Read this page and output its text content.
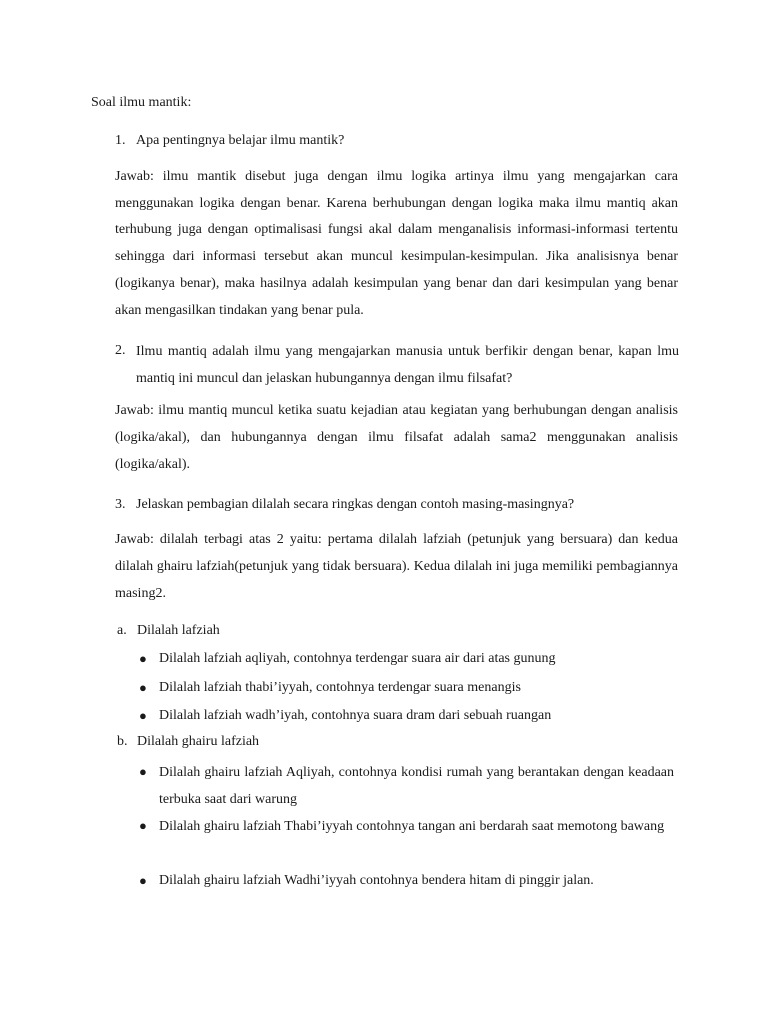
Soal ilmu mantik:
1. Apa pentingnya belajar ilmu mantik?
Jawab: ilmu mantik disebut juga dengan ilmu logika artinya ilmu yang mengajarkan cara menggunakan logika dengan benar. Karena berhubungan dengan logika maka ilmu mantiq akan terhubung juga dengan optimalisasi fungsi akal dalam menganalisis informasi-informasi tertentu sehingga dari informasi tersebut akan muncul kesimpulan-kesimpulan. Jika analisisnya benar (logikanya benar), maka hasilnya adalah kesimpulan yang benar dan dari kesimpulan yang benar akan mengasilkan tindakan yang benar pula.
2. Ilmu mantiq adalah ilmu yang mengajarkan manusia untuk berfikir dengan benar, kapan lmu mantiq ini muncul dan jelaskan hubungannya dengan ilmu filsafat?
Jawab: ilmu mantiq muncul ketika suatu kejadian atau kegiatan yang berhubungan dengan analisis (logika/akal), dan hubungannya dengan ilmu filsafat adalah sama2 menggunakan analisis (logika/akal).
3. Jelaskan pembagian dilalah secara ringkas dengan contoh masing-masingnya?
Jawab: dilalah terbagi atas 2 yaitu: pertama dilalah lafziah (petunjuk yang bersuara) dan kedua dilalah ghairu lafziah(petunjuk yang tidak bersuara). Kedua dilalah ini juga memiliki pembagiannya masing2.
a. Dilalah lafziah
● Dilalah lafziah aqliyah, contohnya terdengar suara air dari atas gunung
● Dilalah lafziah thabi’iyyah, contohnya terdengar suara menangis
● Dilalah lafziah wadh’iyah, contohnya suara dram dari sebuah ruangan
b. Dilalah ghairu lafziah
● Dilalah ghairu lafziah Aqliyah, contohnya kondisi rumah yang berantakan dengan keadaan terbuka saat dari warung
● Dilalah ghairu lafziah Thabi’iyyah contohnya tangan ani berdarah saat memotong bawang
● Dilalah ghairu lafziah Wadhi’iyyah contohnya bendera hitam di pinggir jalan.
